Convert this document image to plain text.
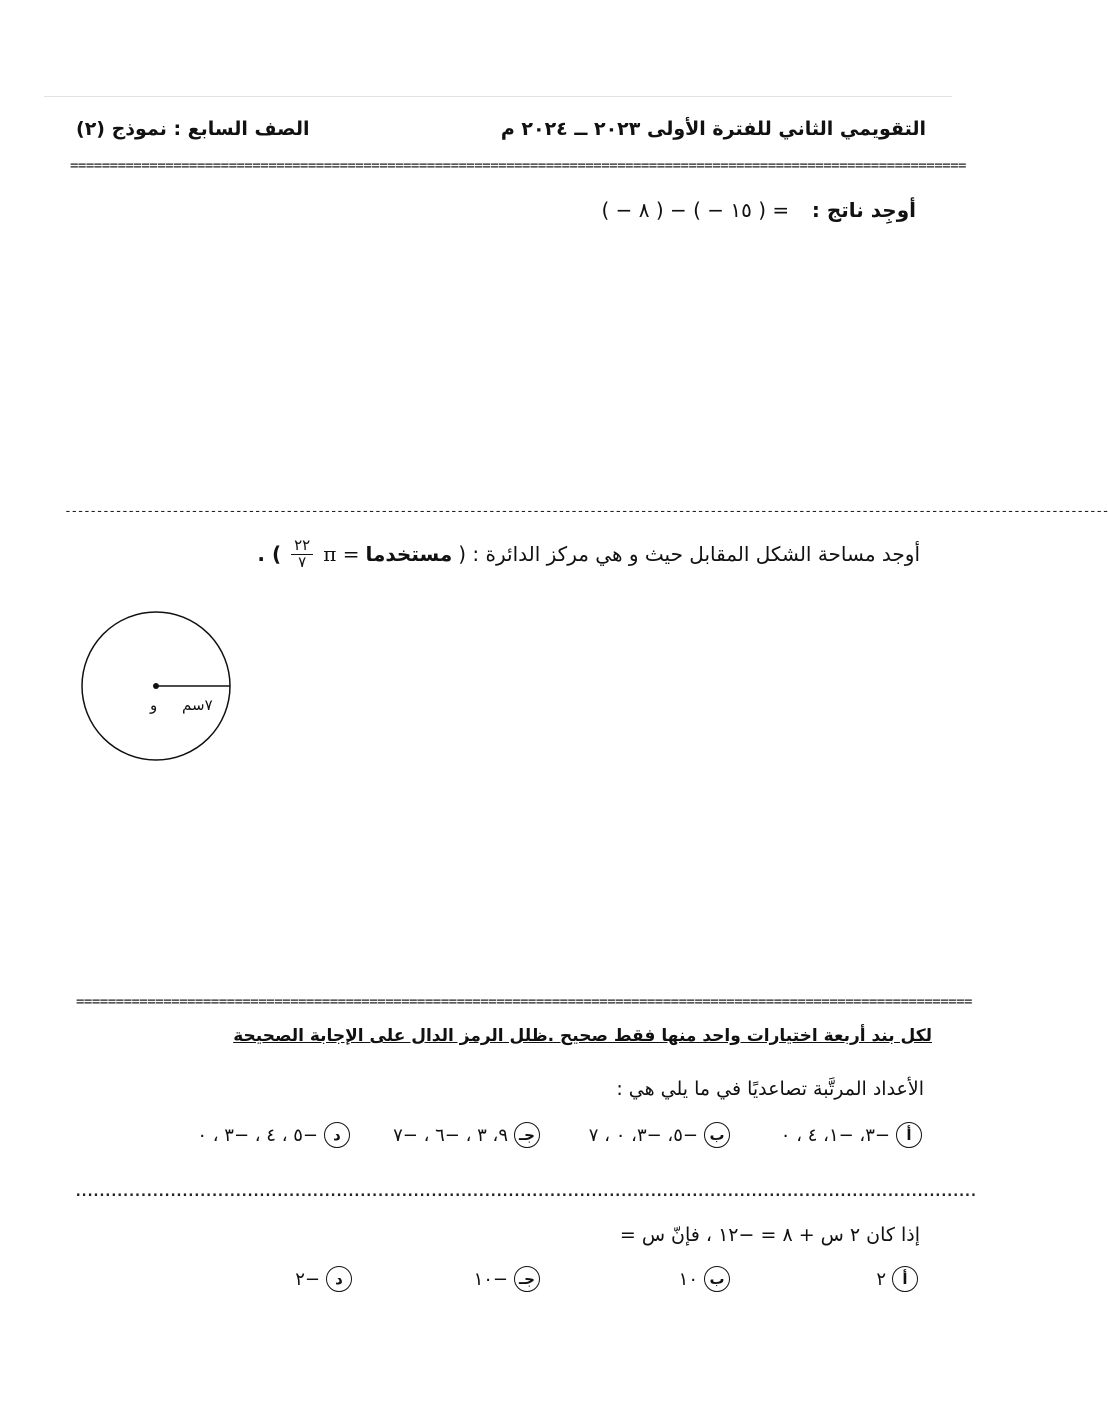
التقويمي الثاني للفترة الأولى ٢٠٢٣ ــ ٢٠٢٤ م
الصف السابع : نموذج (٢)
=================================================================================================================
أوجِد ناتج :  ( − ٨ ) − ( − ١٥ ) =
---------------------------------------------------------------------------------------------------------------------------------------------------------------------
أوجد مساحة الشكل المقابل حيث و هي مركز الدائرة : (
مستخدما
π =
$\frac{٢٢}{٧}$
) .
و ٧سم
=================================================================================================================
لكل بند أربعة اختيارات واحد منها فقط صحيح .ظلل الرمز الدال على الإجابة الصحيحة
الأعداد المرتَّبة تصاعديًا في ما يلي هي :
أ
−٣، −١، ٤ ، ٠
ب
−٥، −٣، ٠ ، ٧
جـ
٩، ٣ ، −٦ ، −٧
د
−٥ ، ٤ ، −٣ ، ٠
........................................................................................................................................................
إذا كان ٢ س + ٨ = −١٢ ، فإنّ س =
أ
٢
ب
١٠
جـ
−١٠
د
−٢
